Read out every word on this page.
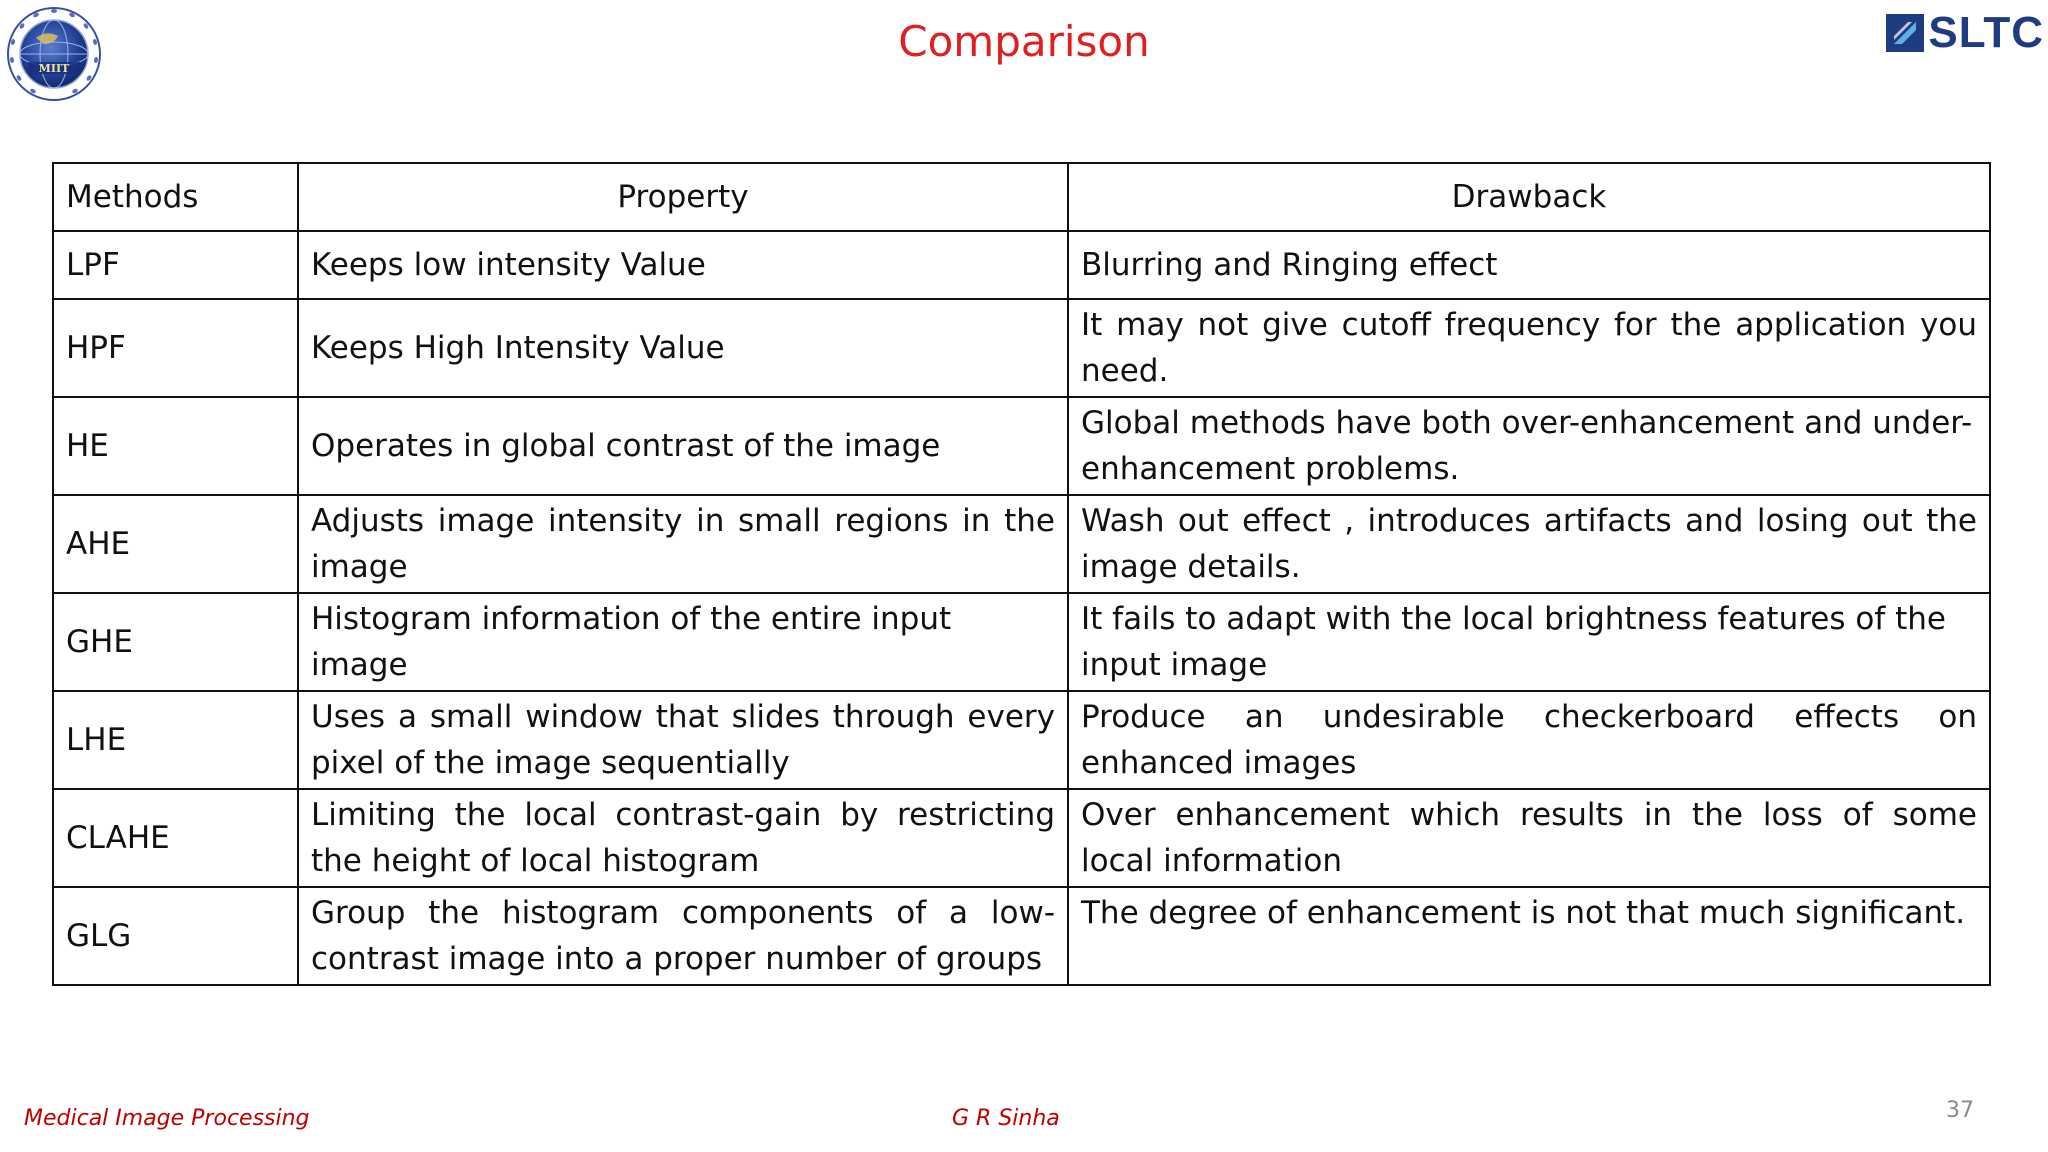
MIIT
Comparison	SLTC
Methods	Property	Drawback
LPF	Keeps low intensity Value	Blurring and Ringing effect
HPF	Keeps High Intensity Value	It may not give cutoff frequency for the application you need.
HE	Operates in global contrast of the image	Global methods have both over-enhancement and under-enhancement problems.
AHE	Adjusts image intensity in small regions in the image	Wash out effect , introduces artifacts and losing out the image details.
GHE	Histogram information of the entire input image	It fails to adapt with the local brightness features of the input image
LHE	Uses a small window that slides through every pixel of the image sequentially	Produce an undesirable checkerboard effects on enhanced images
CLAHE	Limiting the local contrast-gain by restricting the height of local histogram	Over enhancement which results in the loss of some local information
GLG	Group the histogram components of a low-contrast image into a proper number of groups	The degree of enhancement is not that much significant.
Medical Image Processing	G R Sinha	37
